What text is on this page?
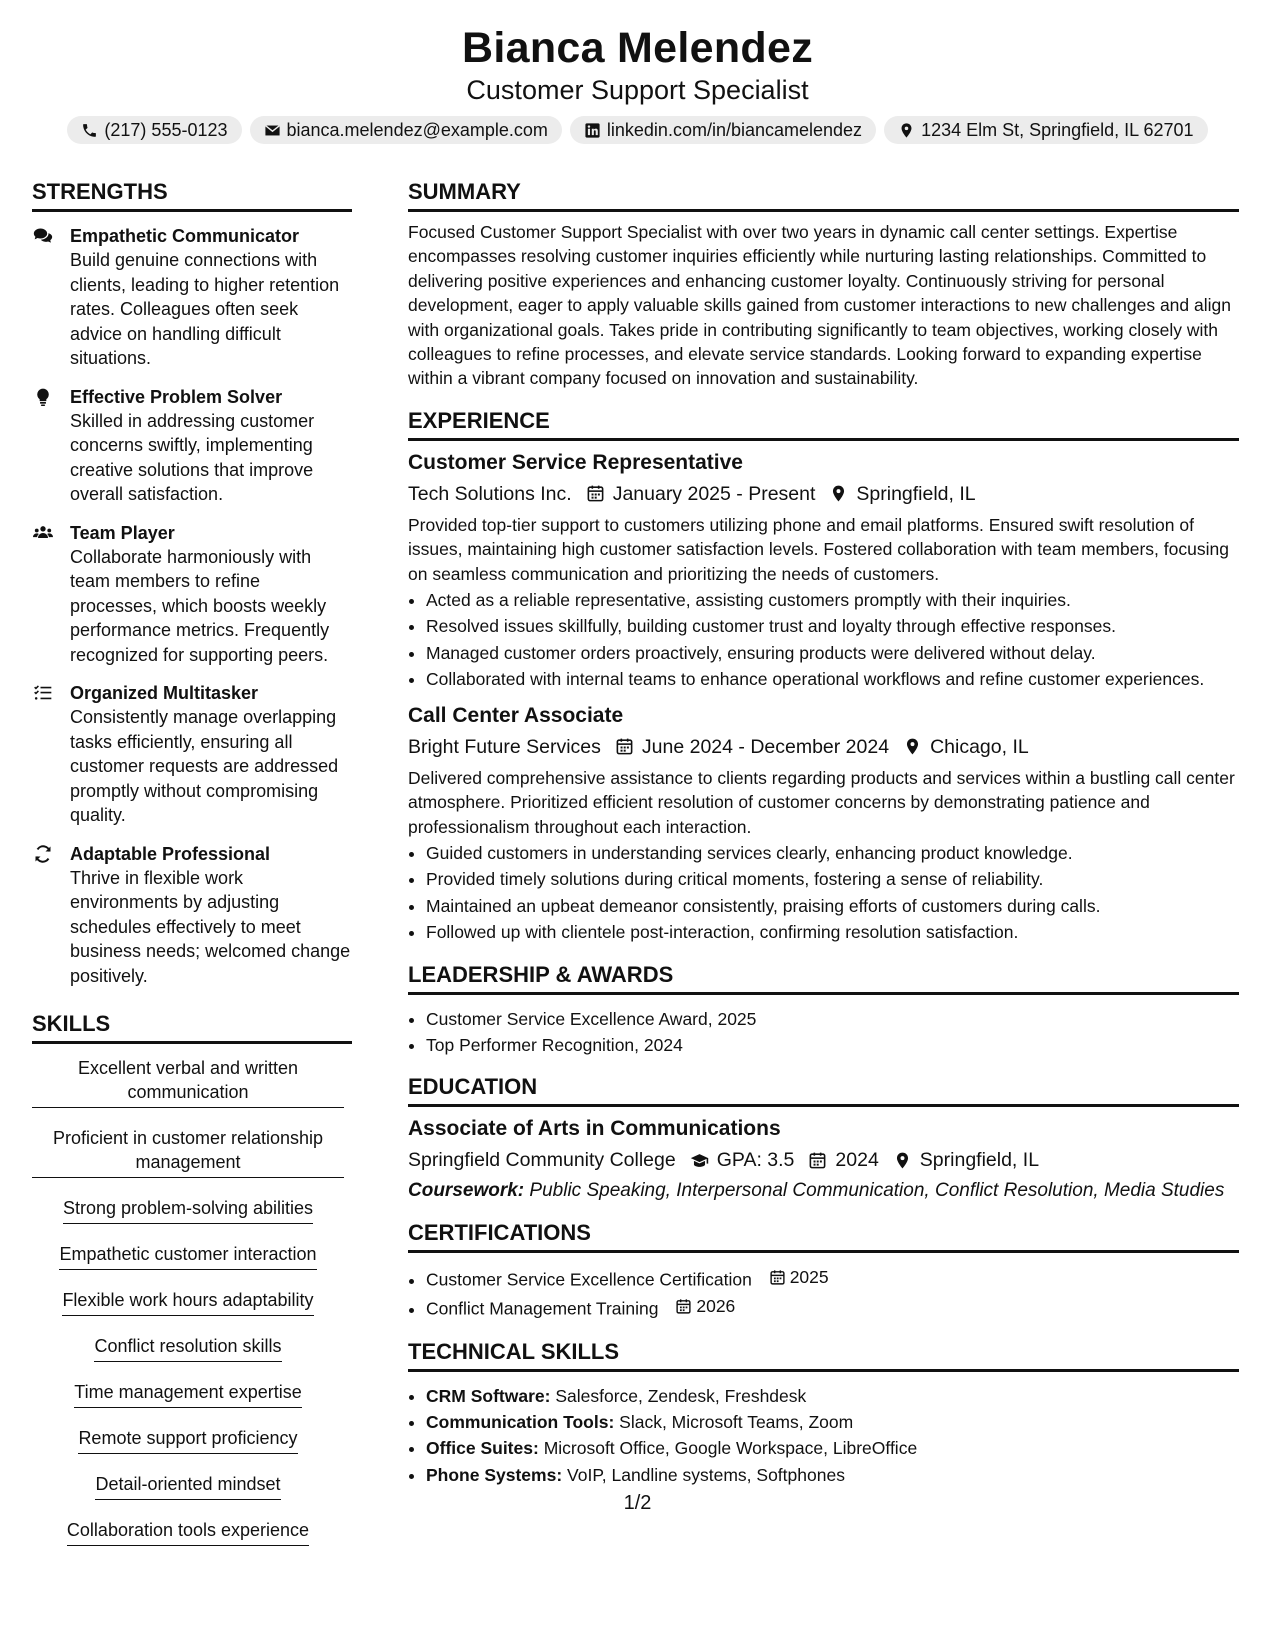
Bianca Melendez
Customer Support Specialist
(217) 555-0123	bianca.melendez@example.com	linkedin.com/in/biancamelendez	1234 Elm St, Springfield, IL 62701
STRENGTHS
Empathetic Communicator
Build genuine connections with clients, leading to higher retention rates. Colleagues often seek advice on handling difficult situations.
Effective Problem Solver
Skilled in addressing customer concerns swiftly, implementing creative solutions that improve overall satisfaction.
Team Player
Collaborate harmoniously with team members to refine processes, which boosts weekly performance metrics. Frequently recognized for supporting peers.
Organized Multitasker
Consistently manage overlapping tasks efficiently, ensuring all customer requests are addressed promptly without compromising quality.
Adaptable Professional
Thrive in flexible work environments by adjusting schedules effectively to meet business needs; welcomed change positively.
SKILLS
Excellent verbal and written communication Proficient in customer relationship management Strong problem-solving abilities
Empathetic customer interaction
Flexible work hours adaptability
Conflict resolution skills
Time management expertise
Remote support proficiency
Detail-oriented mindset
Collaboration tools experience
SUMMARY
Focused Customer Support Specialist with over two years in dynamic call center settings. Expertise encompasses resolving customer inquiries efficiently while nurturing lasting relationships. Committed to delivering positive experiences and enhancing customer loyalty. Continuously striving for personal development, eager to apply valuable skills gained from customer interactions to new challenges and align with organizational goals. Takes pride in contributing significantly to team objectives, working closely with colleagues to refine processes, and elevate service standards. Looking forward to expanding expertise within a vibrant company focused on innovation and sustainability.
EXPERIENCE
Customer Service Representative
Tech Solutions Inc. January 2025 - Present Springfield, IL
Provided top-tier support to customers utilizing phone and email platforms. Ensured swift resolution of issues, maintaining high customer satisfaction levels. Fostered collaboration with team members, focusing on seamless communication and prioritizing the needs of customers.
• Acted as a reliable representative, assisting customers promptly with their inquiries.
• Resolved issues skillfully, building customer trust and loyalty through effective responses.
• Managed customer orders proactively, ensuring products were delivered without delay.
• Collaborated with internal teams to enhance operational workflows and refine customer experiences.
Call Center Associate
Bright Future Services June 2024 - December 2024 Chicago, IL
Delivered comprehensive assistance to clients regarding products and services within a bustling call center atmosphere. Prioritized efficient resolution of customer concerns by demonstrating patience and professionalism throughout each interaction.
• Guided customers in understanding services clearly, enhancing product knowledge.
• Provided timely solutions during critical moments, fostering a sense of reliability.
• Maintained an upbeat demeanor consistently, praising efforts of customers during calls.
• Followed up with clientele post-interaction, confirming resolution satisfaction.
LEADERSHIP & AWARDS
• Customer Service Excellence Award, 2025
• Top Performer Recognition, 2024
EDUCATION
Associate of Arts in Communications
Springfield Community College GPA: 3.5 2024 Springfield, IL
Coursework: Public Speaking, Interpersonal Communication, Conflict Resolution, Media Studies
CERTIFICATIONS
• Customer Service Excellence Certification 2025
• Conflict Management Training 2026
TECHNICAL SKILLS
• CRM Software: Salesforce, Zendesk, Freshdesk
• Communication Tools: Slack, Microsoft Teams, Zoom
• Office Suites: Microsoft Office, Google Workspace, LibreOffice
• Phone Systems: VoIP, Landline systems, Softphones
1/2
